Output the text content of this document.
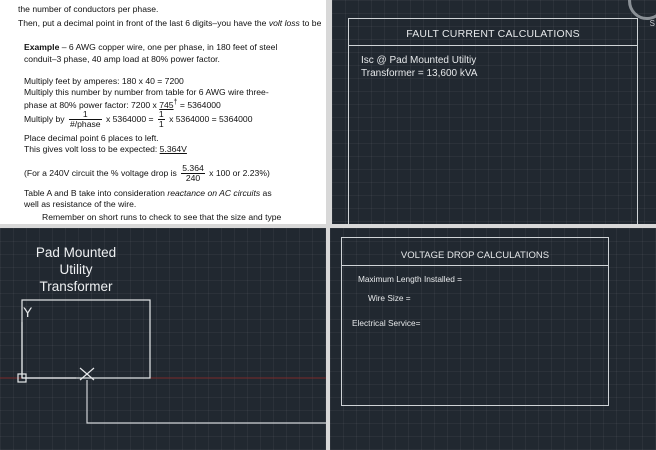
the number of conductors per phase.
Then, put a decimal point in front of the last 6 digits–you have the volt loss to be
Example – 6 AWG copper wire, one per phase, in 180 feet of steel
conduit–3 phase, 40 amp load at 80% power factor.
Multiply feet by amperes: 180 x 40 = 7200
Multiply this number by number from table for 6 AWG wire three-
phase at 80% power factor: 7200 x 745† = 5364000
Multiply by $\frac{1}{\text{\#/phase}}$ x $5364000 = \frac{1}{1}$ x 5364000 = 5364000
Place decimal point 6 places to left.
This gives volt loss to be expected: 5.364V
(For a 240V circuit the % voltage drop is $\frac{5.364}{240}$ x 100 or 2.23%)
Table A and B take into consideration reactance on AC circuits as
well as resistance of the wire.
Remember on short runs to check to see that the size and type
S
FAULT CURRENT CALCULATIONS
Isc @ Pad Mounted Utiltiy
Transformer = 13,600 kVA
Pad Mounted
Utility
Transformer
Y
VOLTAGE DROP CALCULATIONS
Maximum Length Installed =
Wire Size =
Electrical Service=
